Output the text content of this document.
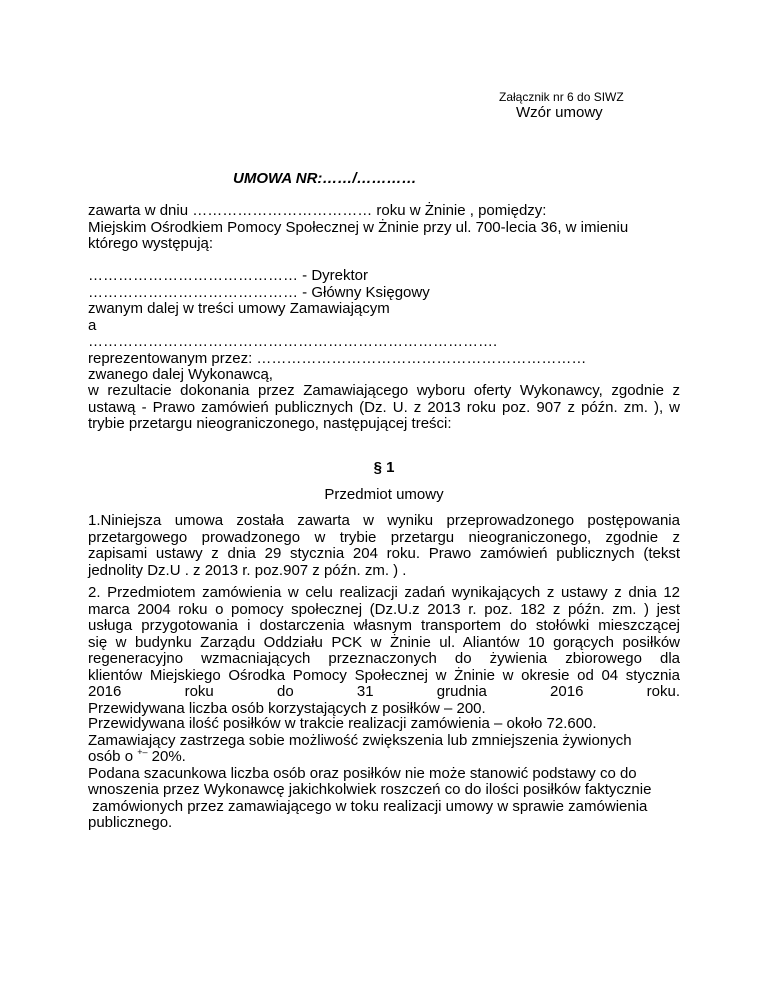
Załącznik nr 6 do SIWZ
Wzór umowy
UMOWA NR:……/…………
zawarta w dniu ……………………………… roku w Żninie , pomiędzy:
Miejskim Ośrodkiem Pomocy Społecznej w Żninie przy ul. 700-lecia 36, w imieniu
którego występują:
…………………………………… - Dyrektor
…………………………………… - Główny Księgowy
zwanym dalej w treści umowy Zamawiającym
a
……………………………………………………………………….
reprezentowanym przez: …………………………………………………………
zwanego dalej Wykonawcą,
w rezultacie dokonania przez Zamawiającego wyboru oferty Wykonawcy, zgodnie z
ustawą - Prawo zamówień publicznych (Dz. U. z 2013 roku poz. 907 z późn. zm. ), w
trybie przetargu nieograniczonego, następującej treści:
§ 1
Przedmiot umowy
1.Niniejsza umowa została zawarta w wyniku przeprowadzonego postępowania
przetargowego prowadzonego w trybie przetargu nieograniczonego, zgodnie z
zapisami ustawy z dnia 29 stycznia 204 roku. Prawo zamówień publicznych (tekst
jednolity Dz.U . z 2013 r. poz.907 z późn. zm. ) .
2. Przedmiotem zamówienia w celu realizacji zadań wynikających z ustawy z dnia 12
marca 2004 roku o pomocy społecznej (Dz.U.z 2013 r. poz. 182 z późn. zm. ) jest
usługa przygotowania i dostarczenia własnym transportem do stołówki mieszczącej
się w budynku Zarządu Oddziału PCK w Żninie ul. Aliantów 10 gorących posiłków
regeneracyjno wzmacniających przeznaczonych do żywienia zbiorowego dla
klientów Miejskiego Ośrodka Pomocy Społecznej w Żninie w okresie od 04 stycznia
2016 roku do 31 grudnia 2016 roku.
Przewidywana liczba osób korzystających z posiłków – 200.
Przewidywana ilość posiłków w trakcie realizacji zamówienia – około 72.600.
Zamawiający zastrzega sobie możliwość zwiększenia lub zmniejszenia żywionych
osób o +‒ 20%.
Podana szacunkowa liczba osób oraz posiłków nie może stanowić podstawy co do
wnoszenia przez Wykonawcę jakichkolwiek roszczeń co do ilości posiłków faktycznie
zamówionych przez zamawiającego w toku realizacji umowy w sprawie zamówienia
publicznego.
